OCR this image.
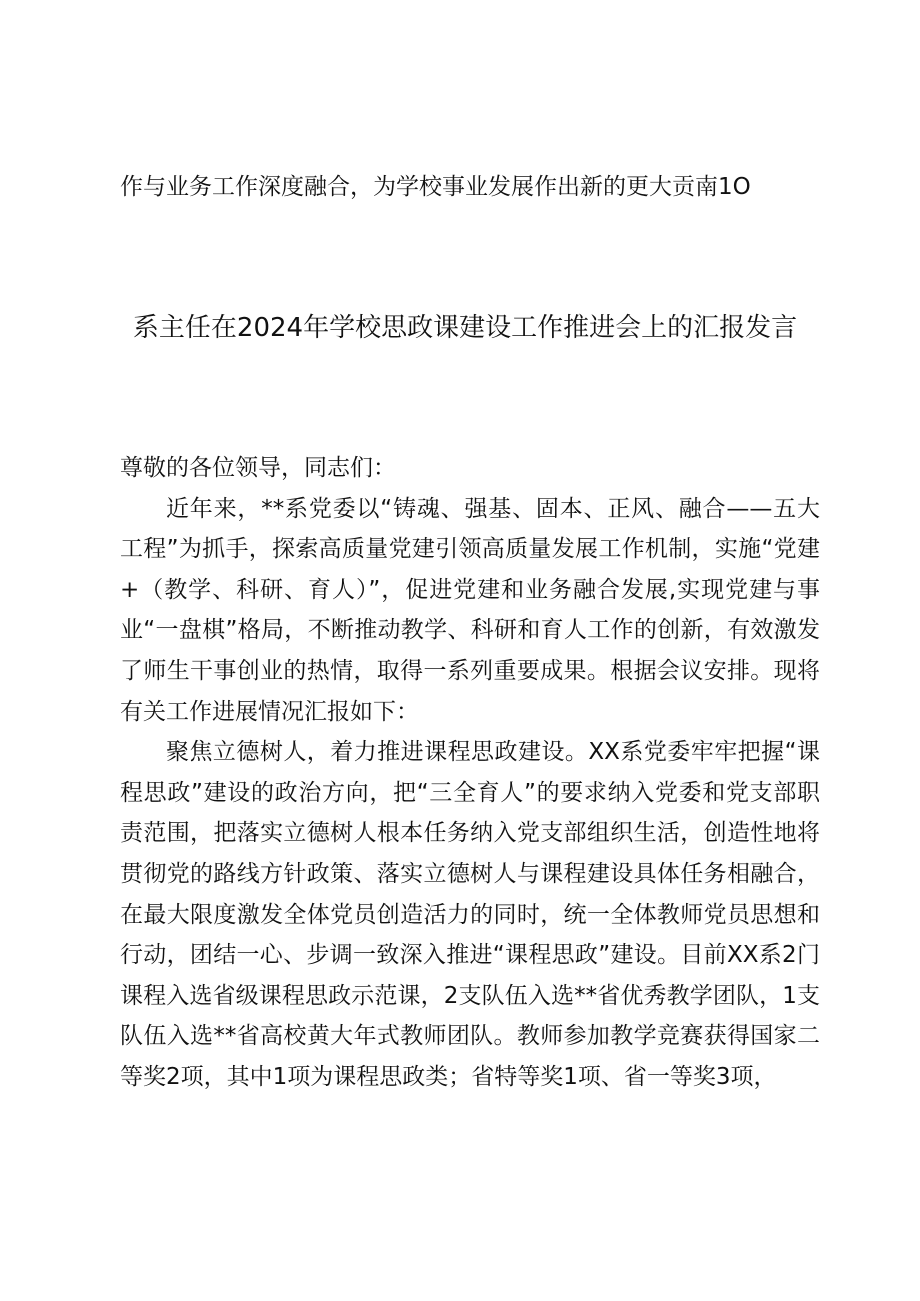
作与业务工作深度融合，为学校事业发展作出新的更大贡南1O
系主任在2024年学校思政课建设工作推进会上的汇报发言

尊敬的各位领导，同志们：

近年来，**系党委以“铸魂、强基、固本、正风、融合——五大工程”为抓手，探索高质量党建引领高质量发展工作机制，实施“党建+（教学、科研、育人）”，促进党建和业务融合发展,实现党建与事业“一盘棋”格局，不断推动教学、科研和育人工作的创新，有效激发了师生干事创业的热情，取得一系列重要成果。根据会议安排。现将有关工作进展情况汇报如下：

聚焦立德树人，着力推进课程思政建设。XX系党委牢牢把握“课程思政”建设的政治方向，把“三全育人”的要求纳入党委和党支部职责范围，把落实立德树人根本任务纳入党支部组织生活，创造性地将贯彻党的路线方针政策、落实立德树人与课程建设具体任务相融合，在最大限度激发全体党员创造活力的同时，统一全体教师党员思想和行动，团结一心、步调一致深入推进“课程思政”建设。目前XX系2门课程入选省级课程思政示范课，2支队伍入选**省优秀教学团队，1支队伍入选**省高校黄大年式教师团队。教师参加教学竞赛获得国家二等奖2项，其中1项为课程思政类；省特等奖1项、省一等奖3项，
